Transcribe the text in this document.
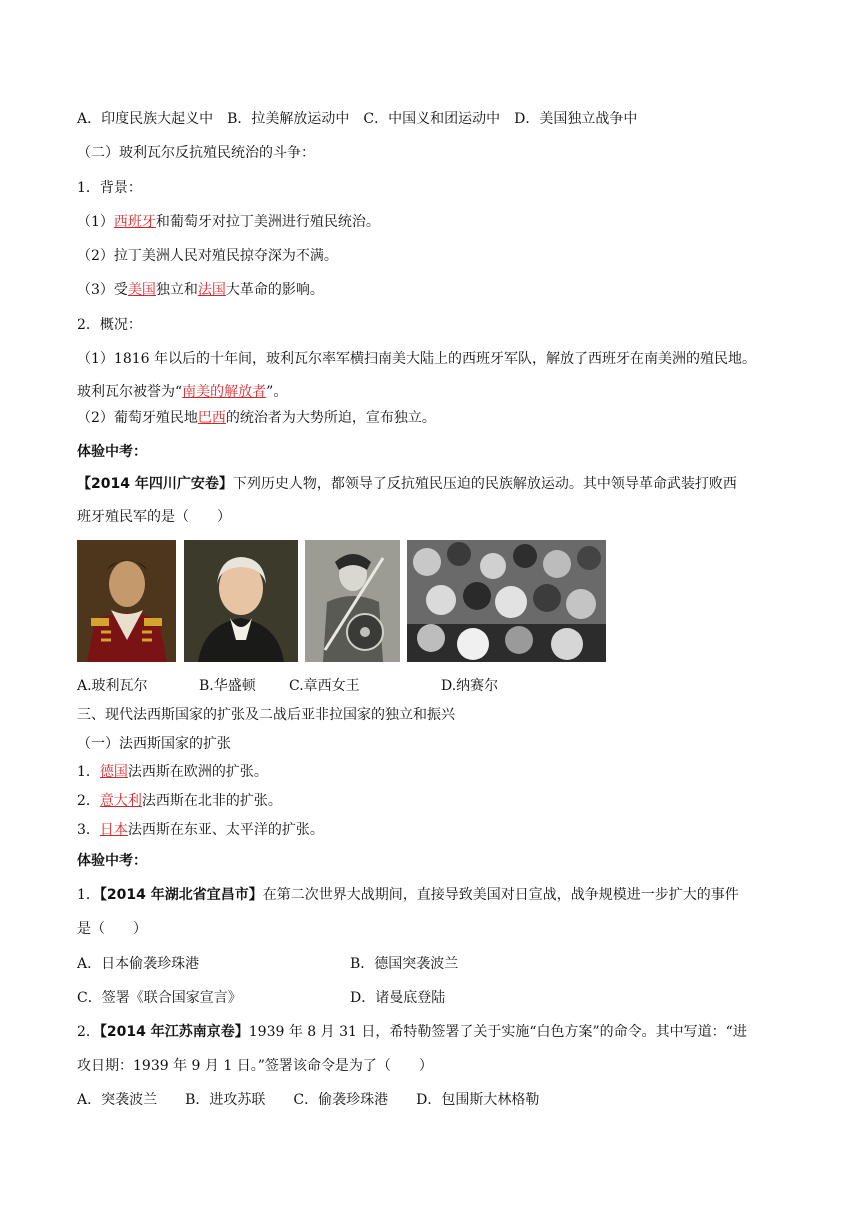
A．印度民族大起义中　B．拉美解放运动中　C．中国义和团运动中　D．美国独立战争中
（二）玻利瓦尔反抗殖民统治的斗争：
1．背景：
（1）西班牙和葡萄牙对拉丁美洲进行殖民统治。
（2）拉丁美洲人民对殖民掠夺深为不满。
（3）受美国独立和法国大革命的影响。
2．概况：
（1）1816 年以后的十年间，玻利瓦尔率军横扫南美大陆上的西班牙军队，解放了西班牙在南美洲的殖民地。
玻利瓦尔被誉为“南美的解放者”。
（2）葡萄牙殖民地巴西的统治者为大势所迫，宣布独立。
体验中考：
【2014 年四川广安卷】下列历史人物，都领导了反抗殖民压迫的民族解放运动。其中领导革命武装打败西
班牙殖民军的是（　　）
A.玻利瓦尔	B.华盛顿 C.章西女王	D.纳赛尔
三、现代法西斯国家的扩张及二战后亚非拉国家的独立和振兴
（一）法西斯国家的扩张
1．德国法西斯在欧洲的扩张。
2．意大利法西斯在北非的扩张。
3．日本法西斯在东亚、太平洋的扩张。
体验中考：
1．【2014 年湖北省宜昌市】在第二次世界大战期间，直接导致美国对日宣战，战争规模进一步扩大的事件
是（　　）
A．日本偷袭珍珠港	B．德国突袭波兰
C．签署《联合国家宣言》	D．诸曼底登陆
2．【2014 年江苏南京卷】1939 年 8 月 31 日，希特勒签署了关于实施“白色方案”的命令。其中写道：“进
攻日期：1939 年 9 月 1 日。”签署该命令是为了（　　）
A．突袭波兰　　B．进攻苏联　　C．偷袭珍珠港　　D．包围斯大林格勒
